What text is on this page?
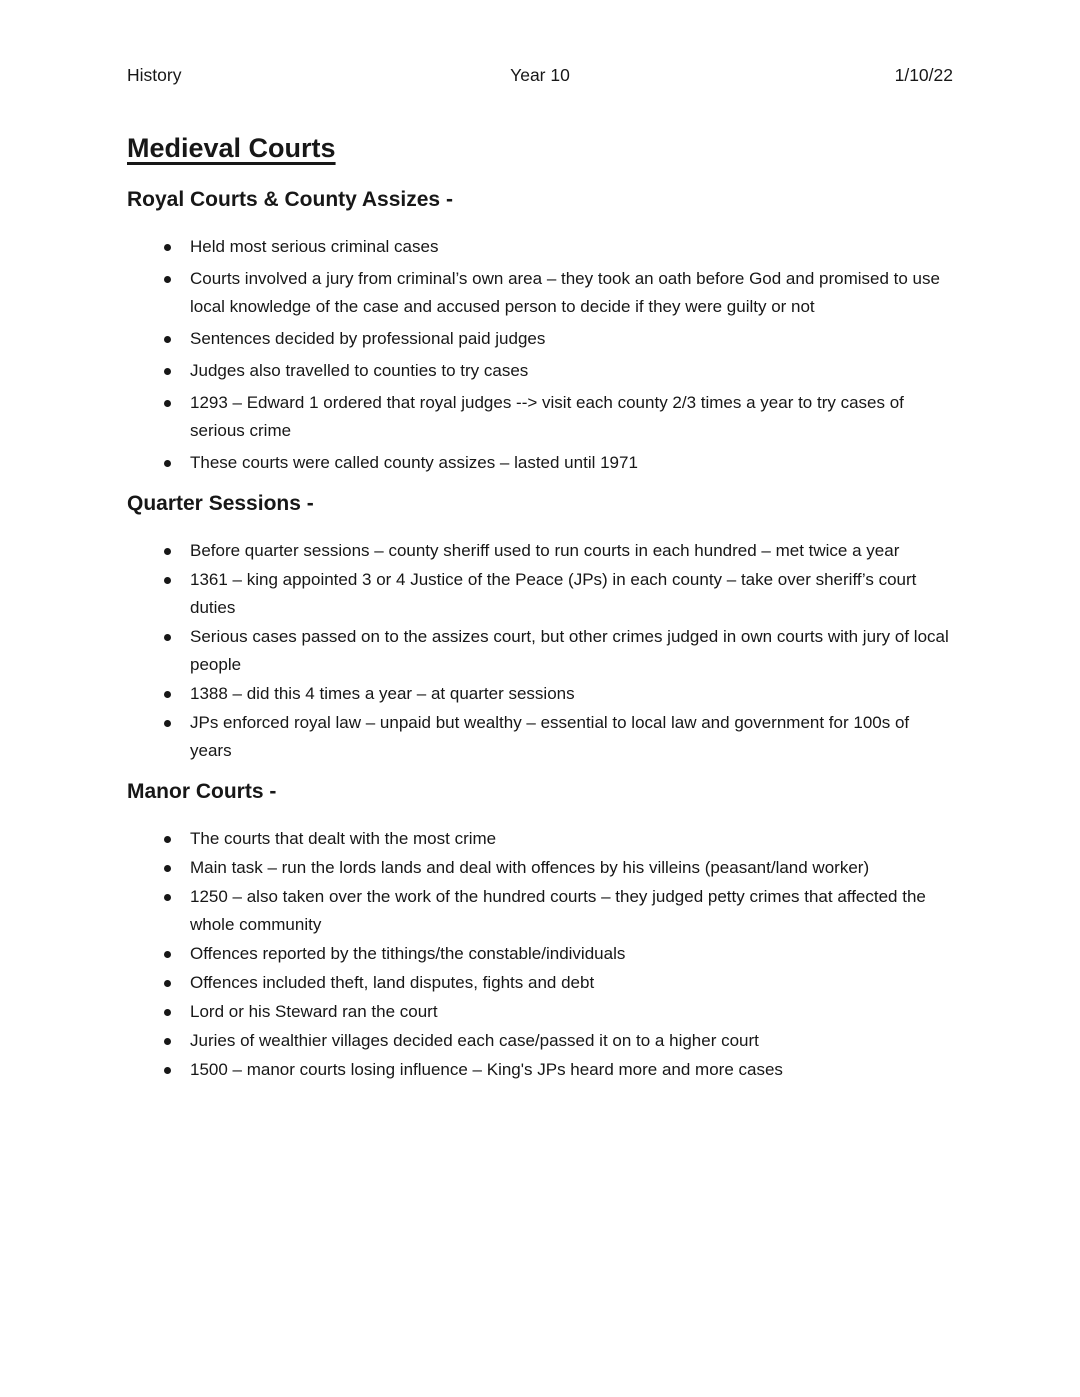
History	Year 10	1/10/22
Medieval Courts
Royal Courts & County Assizes -
Held most serious criminal cases
Courts involved a jury from criminal’s own area – they took an oath before God and promised to use local knowledge of the case and accused person to decide if they were guilty or not
Sentences decided by professional paid judges
Judges also travelled to counties to try cases
1293 – Edward 1 ordered that royal judges --> visit each county 2/3 times a year to try cases of serious crime
These courts were called county assizes – lasted until 1971
Quarter Sessions -
Before quarter sessions – county sheriff used to run courts in each hundred – met twice a year
1361 – king appointed 3 or 4 Justice of the Peace (JPs) in each county – take over sheriff’s court duties
Serious cases passed on to the assizes court, but other crimes judged in own courts with jury of local people
1388 – did this 4 times a year – at quarter sessions
JPs enforced royal law – unpaid but wealthy – essential to local law and government for 100s of years
Manor Courts -
The courts that dealt with the most crime
Main task – run the lords lands and deal with offences by his villeins (peasant/land worker)
1250 – also taken over the work of the hundred courts – they judged petty crimes that affected the whole community
Offences reported by the tithings/the constable/individuals
Offences included theft, land disputes, fights and debt
Lord or his Steward ran the court
Juries of wealthier villages decided each case/passed it on to a higher court
1500 – manor courts losing influence – King's JPs heard more and more cases
